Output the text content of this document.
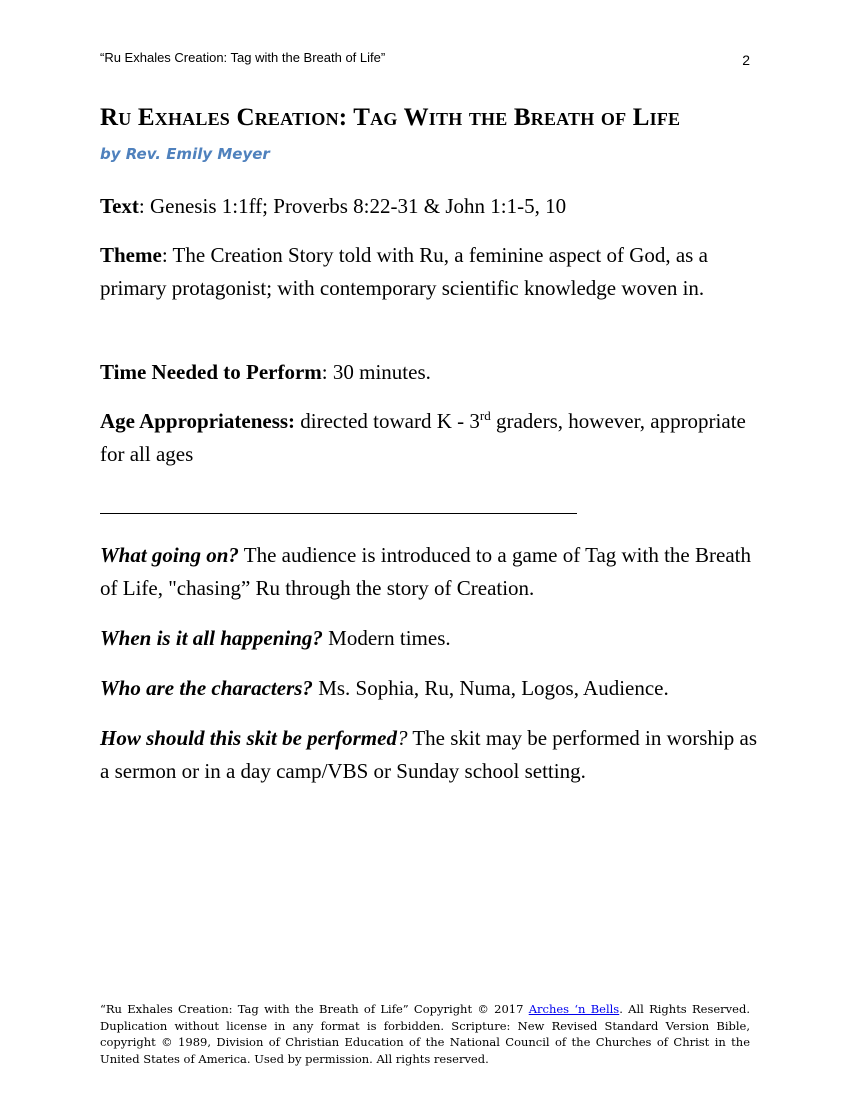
“Ru Exhales Creation: Tag with the Breath of Life”	2
Ru Exhales Creation: Tag With the Breath of Life
by Rev. Emily Meyer
Text: Genesis 1:1ff; Proverbs 8:22-31 & John 1:1-5, 10
Theme: The Creation Story told with Ru, a feminine aspect of God, as a primary protagonist; with contemporary scientific knowledge woven in.
Time Needed to Perform: 30 minutes.
Age Appropriateness: directed toward K - 3rd graders, however, appropriate for all ages
What going on? The audience is introduced to a game of Tag with the Breath of Life, "chasing” Ru through the story of Creation.
When is it all happening? Modern times.
Who are the characters? Ms. Sophia, Ru, Numa, Logos, Audience.
How should this skit be performed? The skit may be performed in worship as a sermon or in a day camp/VBS or Sunday school setting.
“Ru Exhales Creation: Tag with the Breath of Life” Copyright © 2017 Arches ‘n Bells. All Rights Reserved. Duplication without license in any format is forbidden. Scripture: New Revised Standard Version Bible, copyright © 1989, Division of Christian Education of the National Council of the Churches of Christ in the United States of America. Used by permission. All rights reserved.
